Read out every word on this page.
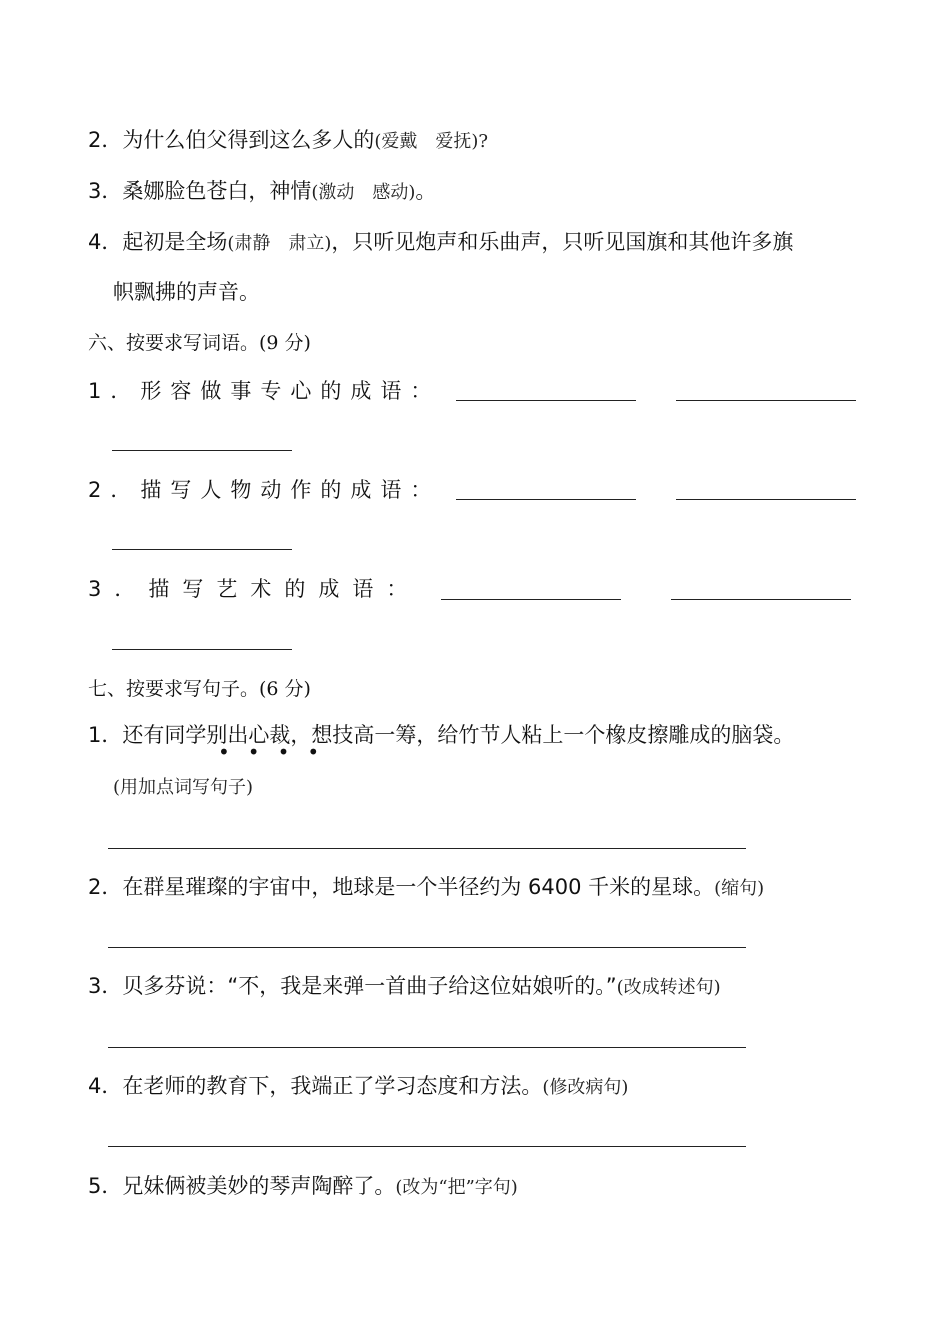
2．为什么伯父得到这么多人的(爱戴　爱抚)?
3．桑娜脸色苍白，神情(激动　感动)。
4．起初是全场(肃静　肃立)，只听见炮声和乐曲声，只听见国旗和其他许多旗
帜飘拂的声音。
六、按要求写词语。(9 分)
1．形容做事专心的成语：
2．描写人物动作的成语：
3．描写艺术的成语：
七、按要求写句子。(6 分)
1．还有同学别出心裁，想技高一筹，给竹节人粘上一个橡皮擦雕成的脑袋。
••••
(用加点词写句子)
2．在群星璀璨的宇宙中，地球是一个半径约为 6400 千米的星球。(缩句)
3．贝多芬说：“不，我是来弹一首曲子给这位姑娘听的。”(改成转述句)
4．在老师的教育下，我端正了学习态度和方法。(修改病句)
5．兄妹俩被美妙的琴声陶醉了。(改为“把”字句)
